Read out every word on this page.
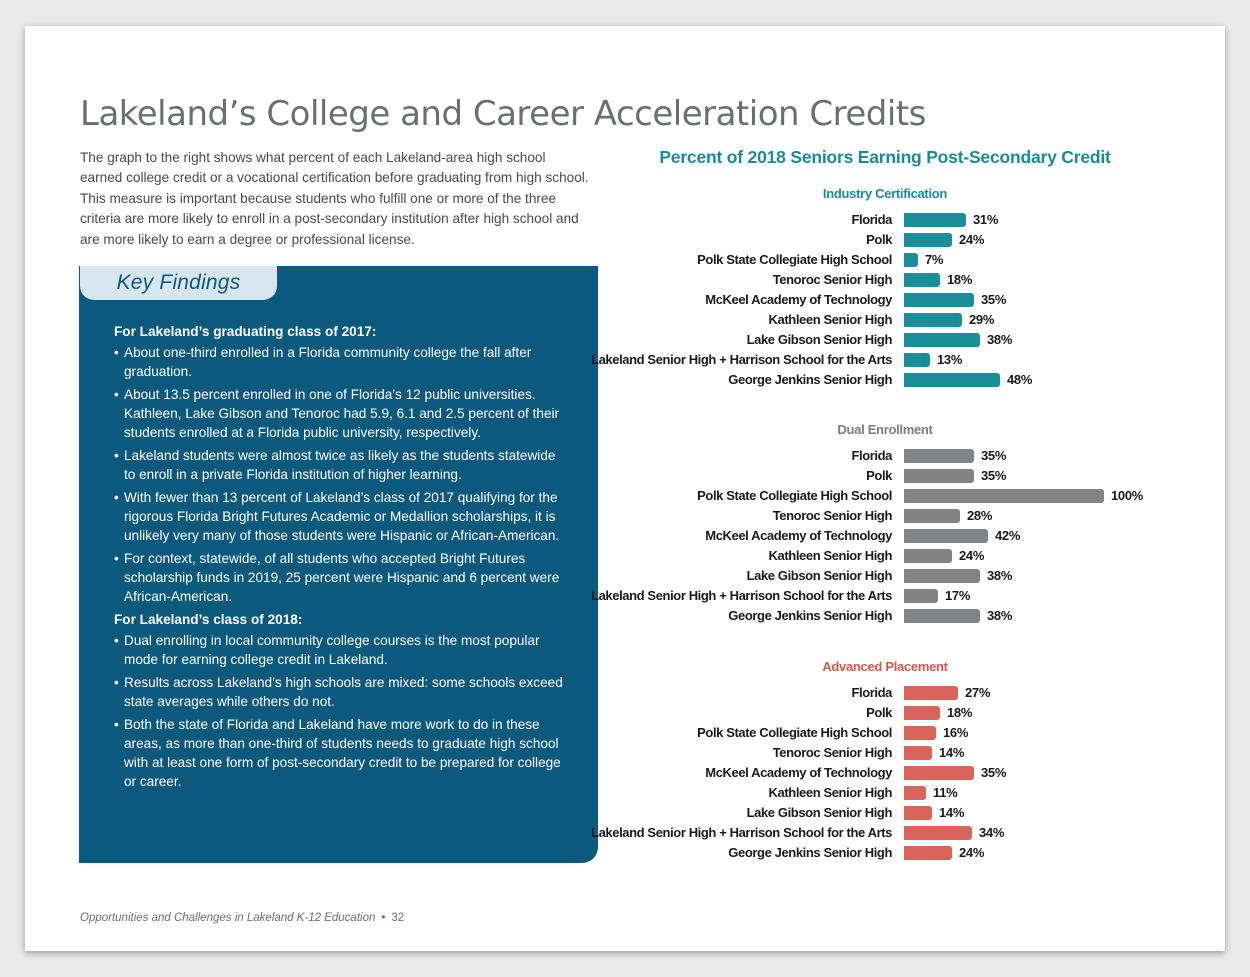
Lakeland’s College and Career Acceleration Credits

The graph to the right shows what percent of each Lakeland-area high school earned college credit or a vocational certification before graduating from high school. This measure is important because students who fulfill one or more of the three criteria are more likely to enroll in a post-secondary institution after high school and are more likely to earn a degree or professional license.

Key Findings
For Lakeland’s graduating class of 2017:
• About one-third enrolled in a Florida community college the fall after graduation.
• About 13.5 percent enrolled in one of Florida’s 12 public universities. Kathleen, Lake Gibson and Tenoroc had 5.9, 6.1 and 2.5 percent of their students enrolled at a Florida public university, respectively.
• Lakeland students were almost twice as likely as the students statewide to enroll in a private Florida institution of higher learning.
• With fewer than 13 percent of Lakeland’s class of 2017 qualifying for the rigorous Florida Bright Futures Academic or Medallion scholarships, it is unlikely very many of those students were Hispanic or African-American.
• For context, statewide, of all students who accepted Bright Futures scholarship funds in 2019, 25 percent were Hispanic and 6 percent were African-American.
For Lakeland’s class of 2018:
• Dual enrolling in local community college courses is the most popular mode for earning college credit in Lakeland.
• Results across Lakeland’s high schools are mixed: some schools exceed state averages while others do not.
• Both the state of Florida and Lakeland have more work to do in these areas, as more than one-third of students needs to graduate high school with at least one form of post-secondary credit to be prepared for college or career.
Percent of 2018 Seniors Earning Post-Secondary Credit
Industry Certification
Florida	31%
Polk	24%
Polk State Collegiate High School	7%
Tenoroc Senior High	18%
McKeel Academy of Technology	35%
Kathleen Senior High	29%
Lake Gibson Senior High	38%
Lakeland Senior High + Harrison School for the Arts	13%
George Jenkins Senior High	48%
Dual Enrollment
Florida	35%
Polk	35%
Polk State Collegiate High School	100%
Tenoroc Senior High	28%
McKeel Academy of Technology	42%
Kathleen Senior High	24%
Lake Gibson Senior High	38%
Lakeland Senior High + Harrison School for the Arts	17%
George Jenkins Senior High	38%
Advanced Placement
Florida	27%
Polk	18%
Polk State Collegiate High School	16%
Tenoroc Senior High	14%
McKeel Academy of Technology	35%
Kathleen Senior High	11%
Lake Gibson Senior High	14%
Lakeland Senior High + Harrison School for the Arts	34%
George Jenkins Senior High	24%
Opportunities and Challenges in Lakeland K-12 Education • 32
